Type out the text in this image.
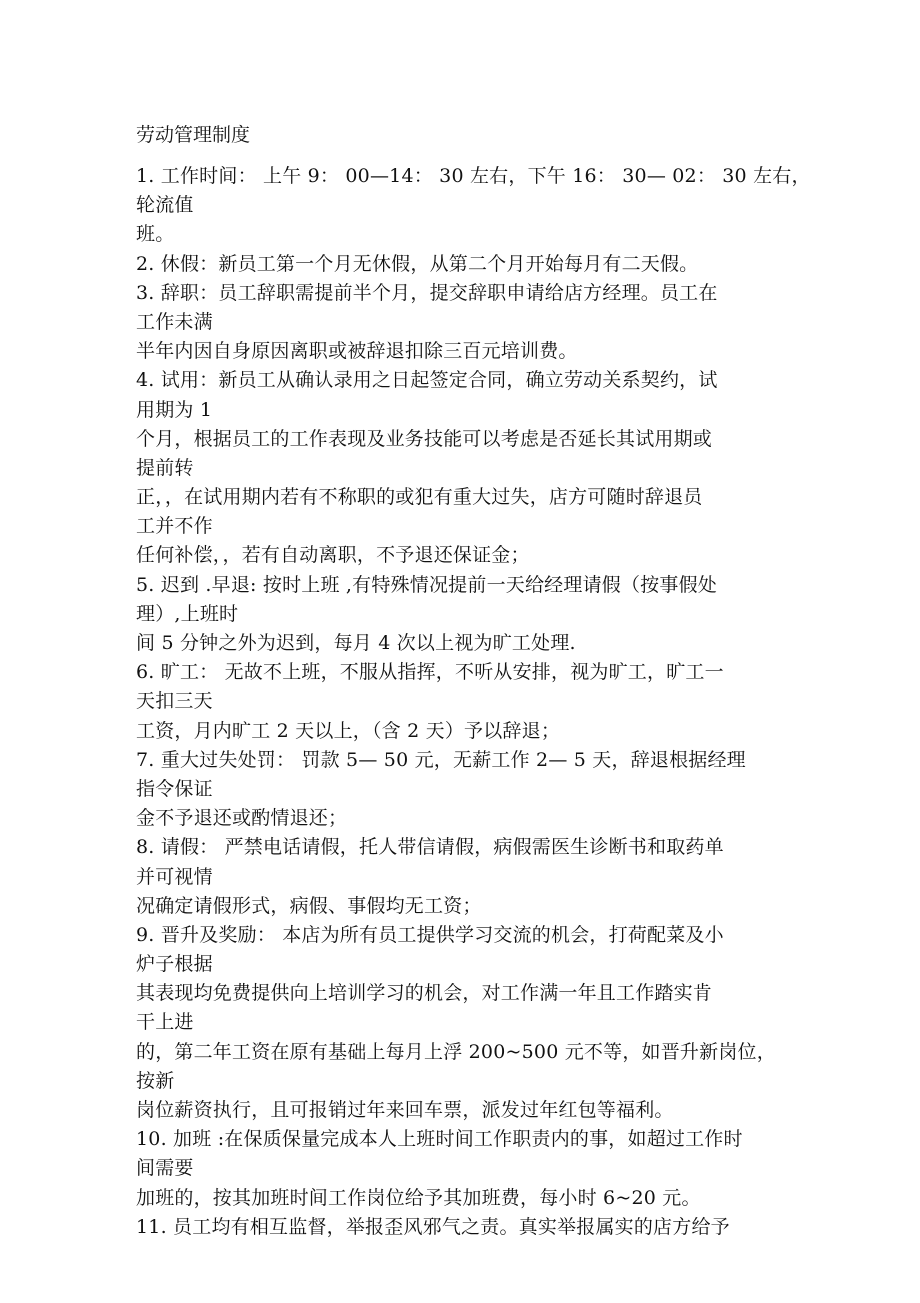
劳动管理制度
1. 工作时间： 上午 9： 00—14： 30 左右，下午 16： 30— 02： 30 左右，
轮流值
班。
2. 休假：新员工第一个月无休假，从第二个月开始每月有二天假。
3. 辞职：员工辞职需提前半个月，提交辞职申请给店方经理。员工在
工作未满
半年内因自身原因离职或被辞退扣除三百元培训费。
4. 试用：新员工从确认录用之日起签定合同，确立劳动关系契约，试
用期为 1
个月，根据员工的工作表现及业务技能可以考虑是否延长其试用期或
提前转
正，，在试用期内若有不称职的或犯有重大过失，店方可随时辞退员
工并不作
任何补偿，，若有自动离职，不予退还保证金；
5. 迟到 .早退: 按时上班 ,有特殊情况提前一天给经理请假（按事假处
理）,上班时
间 5 分钟之外为迟到，每月 4 次以上视为旷工处理.
6. 旷工： 无故不上班，不服从指挥，不听从安排，视为旷工，旷工一
天扣三天
工资，月内旷工 2 天以上，（含 2 天）予以辞退；
7. 重大过失处罚： 罚款 5— 50 元，无薪工作 2— 5 天，辞退根据经理
指令保证
金不予退还或酌情退还；
8. 请假： 严禁电话请假，托人带信请假，病假需医生诊断书和取药单
并可视情
况确定请假形式，病假、事假均无工资；
9. 晋升及奖励： 本店为所有员工提供学习交流的机会，打荷配菜及小
炉子根据
其表现均免费提供向上培训学习的机会，对工作满一年且工作踏实肯
干上进
的，第二年工资在原有基础上每月上浮 200~500 元不等，如晋升新岗位，
按新
岗位薪资执行，且可报销过年来回车票，派发过年红包等福利。
10. 加班 :在保质保量完成本人上班时间工作职责内的事，如超过工作时
间需要
加班的，按其加班时间工作岗位给予其加班费，每小时 6~20 元。
11. 员工均有相互监督，举报歪风邪气之责。真实举报属实的店方给予
